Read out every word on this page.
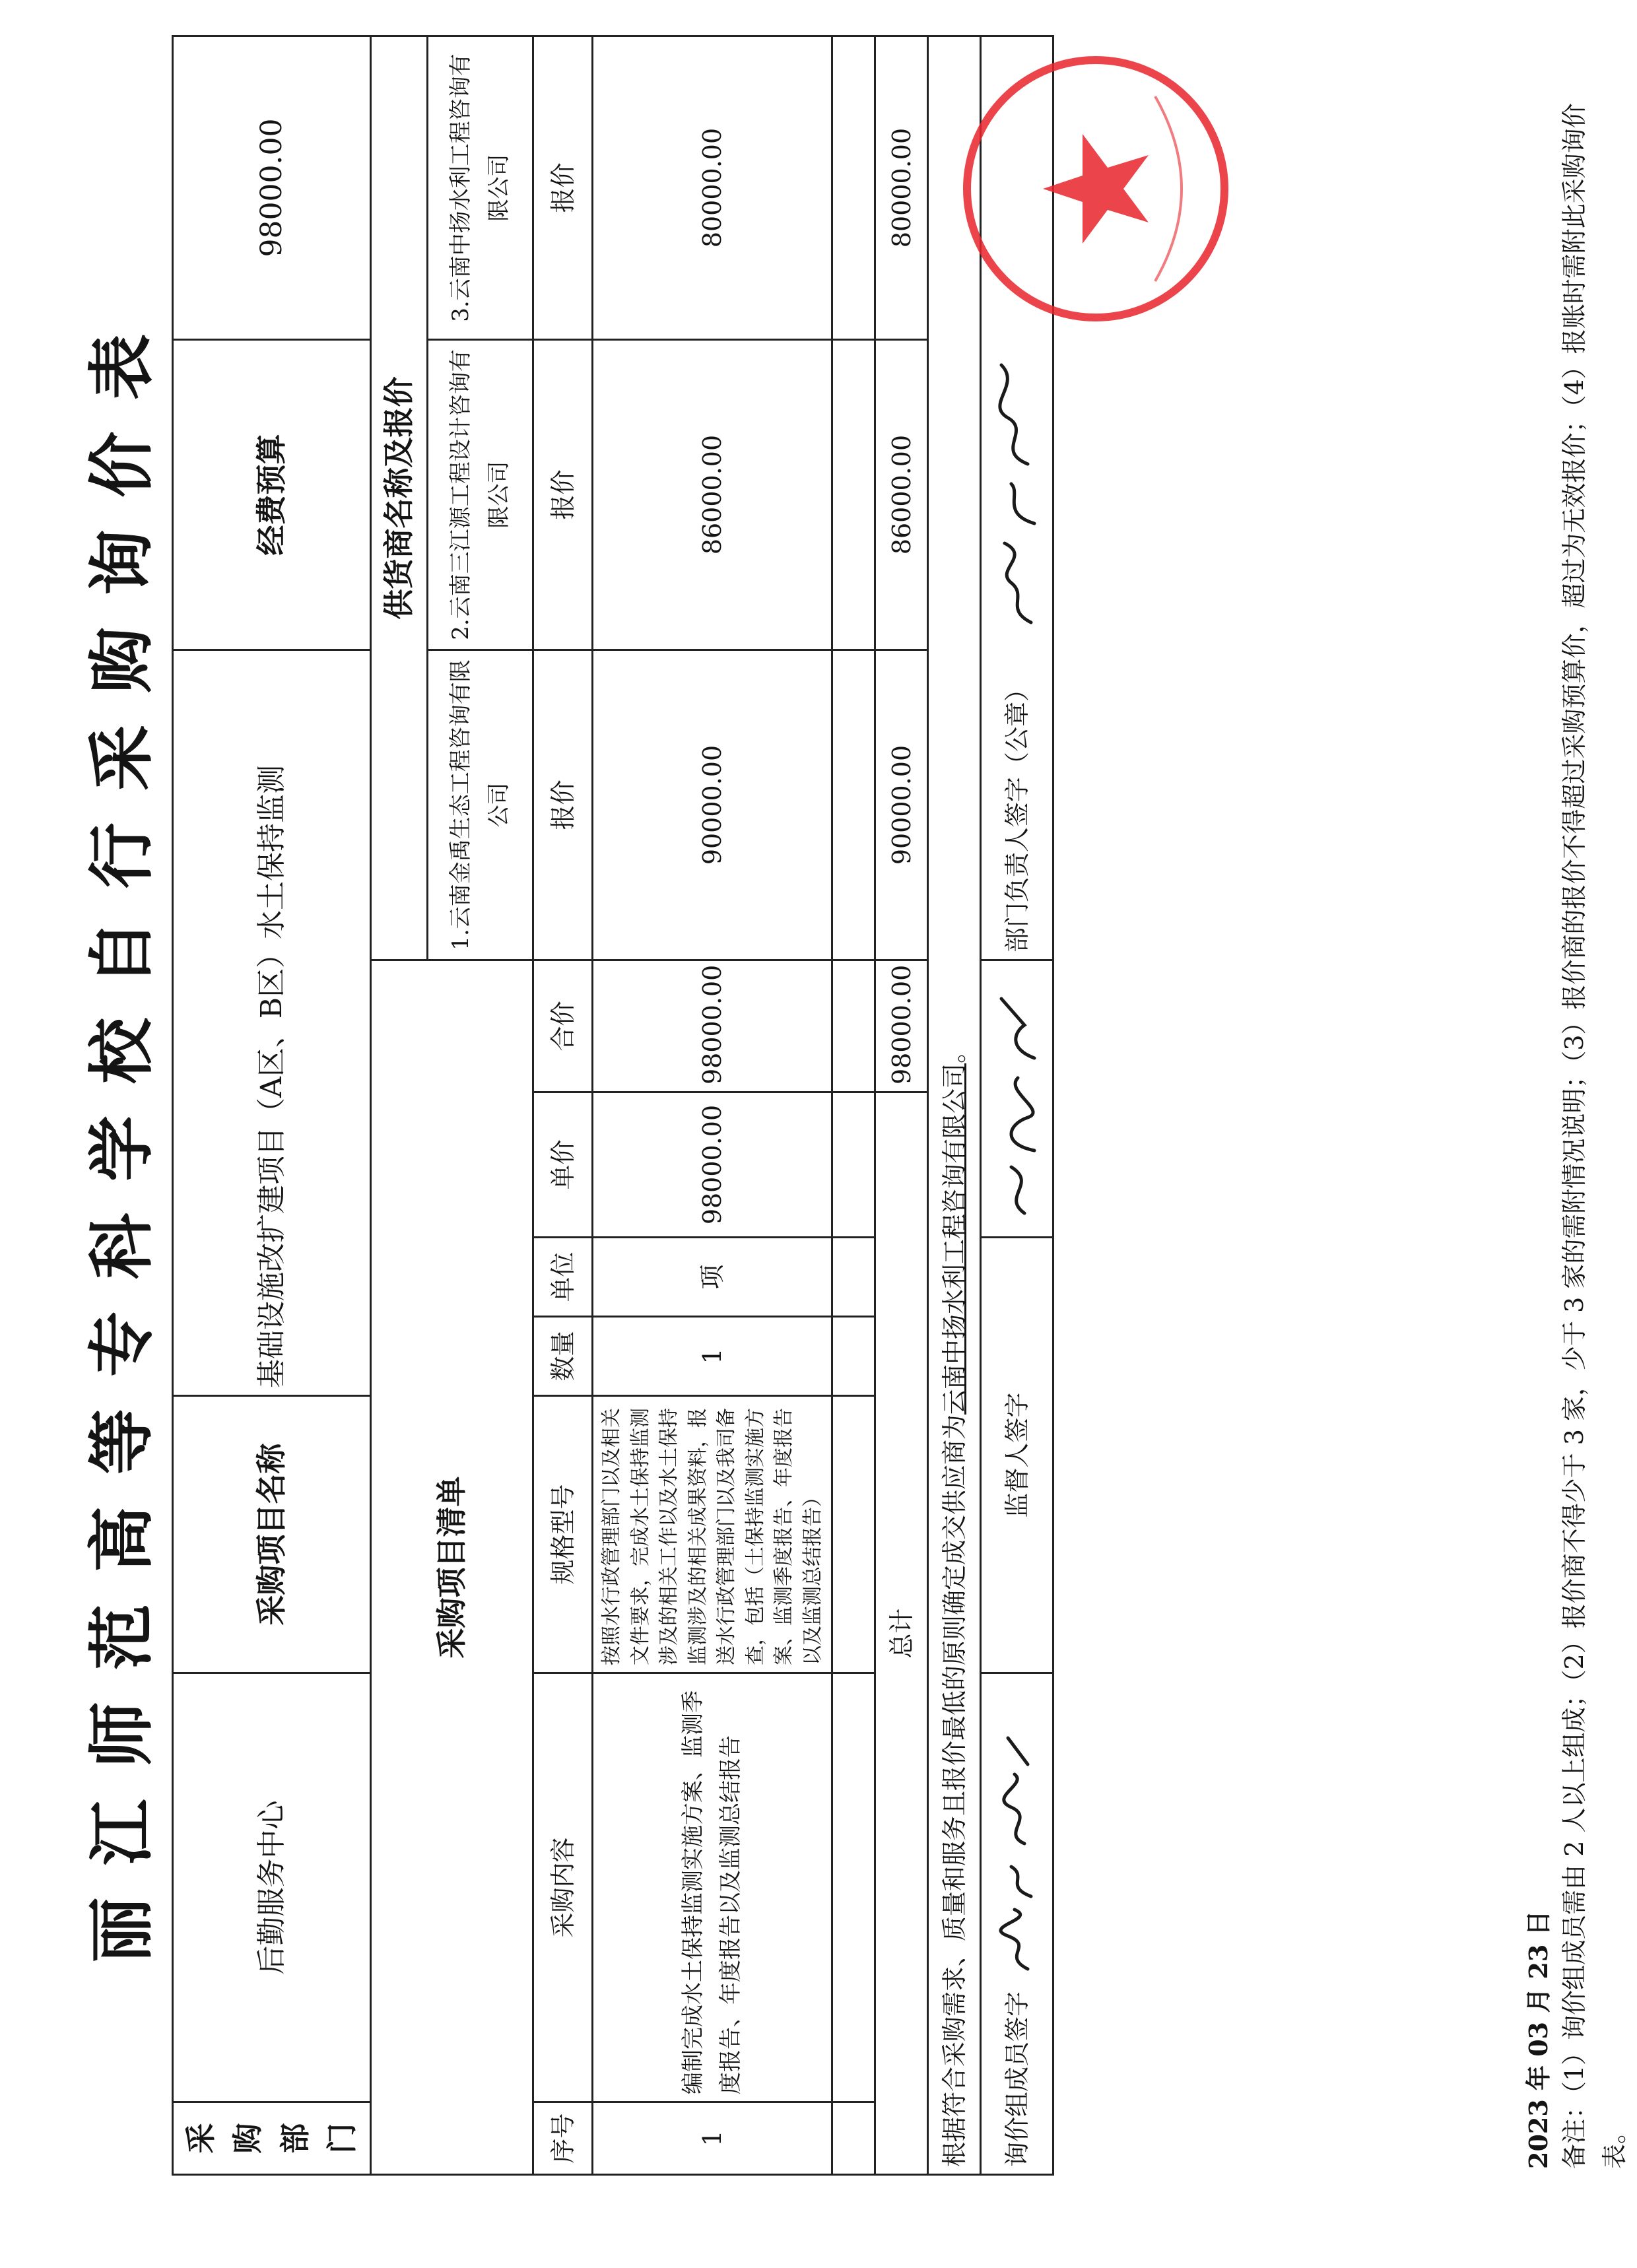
丽江师范高等专科学校自行采购询价表
采购部门	后勤服务中心	采购项目名称	基础设施改扩建项目（A区、B区）水土保持监测					经费预算	98000.00
采购项目清单							供货商名称及报价		
							1.云南金禹生态工程咨询有限公司	2.云南三江源工程设计咨询有限公司	3.云南中扬水利工程咨询有限公司
序号	采购内容	规格型号	数量	单位	单价	合价	报价	报价	报价
1	编制完成水土保持监测实施方案、监测季度报告、年度报告以及监测总结报告	按照水行政管理部门以及相关文件要求，完成水土保持监测涉及的相关工作以及水土保持监测涉及的相关成果资料，报送水行政管理部门以及我司备查，包括（土保持监测实施方案、监测季度报告、年度报告以及监测总结报告）	1	项	98000.00	98000.00	90000.00	86000.00	80000.00

总计						98000.00	90000.00	86000.00	80000.00
根据符合采购需求、质量和服务且报价最低的原则确定成交供应商为云南中扬水利工程咨询有限公司。									
询价组成员签字		监督人签字					部门负责人签字（公章）		
2023 年 03 月 23 日 备注：（1）询价组成员需由 2 人以上组成；（2）报价商不得少于 3 家，少于 3 家的需附情况说明；（3）报价商的报价不得超过采购预算价，超过为无效报价；（4）报账时需附此采购询价表。
